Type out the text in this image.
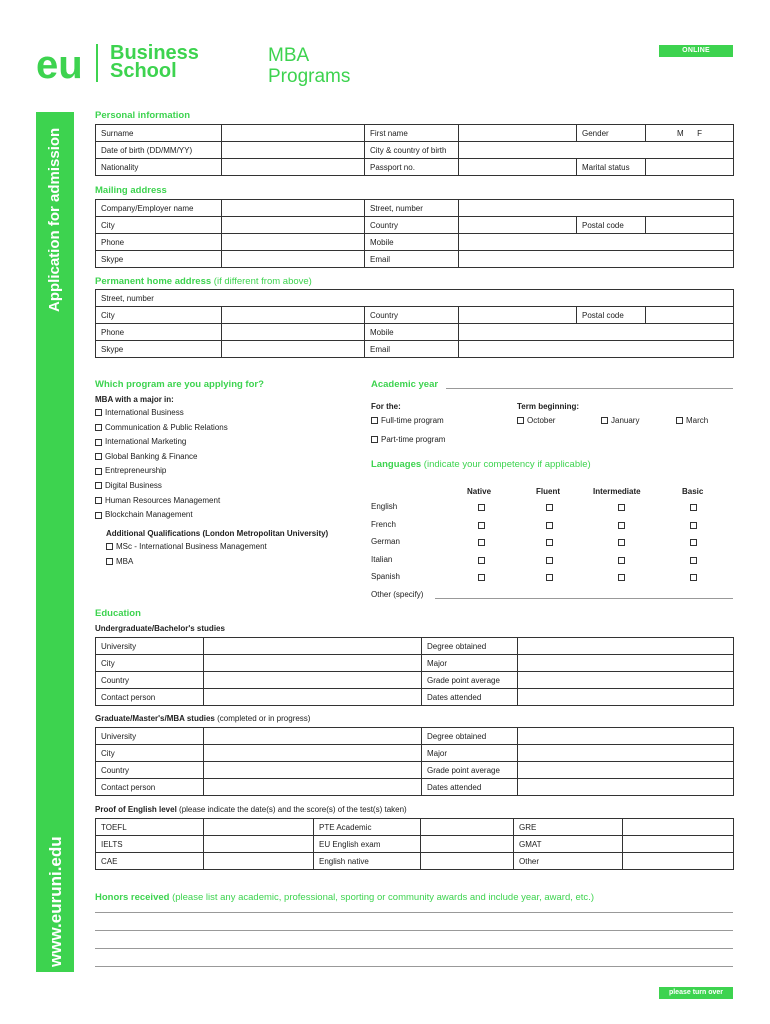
eu Business
School
MBA
Programs
ONLINE
Application for admission
www.euruni.edu
Personal information
Surname		First name		Gender	M F
Date of birth (DD/MM/YY)		City & country of birth			
Nationality		Passport no.		Marital status	
Mailing address
Company/Employer name		Street, number			
City		Country		Postal code	
Phone		Mobile			
Skype		Email			
Permanent home address (if different from above)
Street, number					
City		Country		Postal code	
Phone		Mobile			
Skype		Email			
Which program are you applying for?
MBA with a major in:
International Business
Communication & Public Relations
International Marketing
Global Banking & Finance
Entrepreneurship
Digital Business
Human Resources Management
Blockchain Management
Additional Qualifications (London Metropolitan University)
MSc - International Business Management
MBA
Academic year
For the:	Term beginning:
Full-time program
Part-time program
October	January	March
Languages (indicate your competency if applicable)
Native	Fluent	Intermediate	Basic
English
French
German
Italian
Spanish
Other (specify)
Education
Undergraduate/Bachelor's studies
University		Degree obtained	
City		Major	
Country		Grade point average	
Contact person		Dates attended	
Graduate/Master's/MBA studies (completed or in progress)
University		Degree obtained	
City		Major	
Country		Grade point average	
Contact person		Dates attended	
Proof of English level (please indicate the date(s) and the score(s) of the test(s) taken)
TOEFL		PTE Academic		GRE	
IELTS		EU English exam		GMAT	
CAE		English native		Other	
Honors received (please list any academic, professional, sporting or community awards and include year, award, etc.)
please turn over
